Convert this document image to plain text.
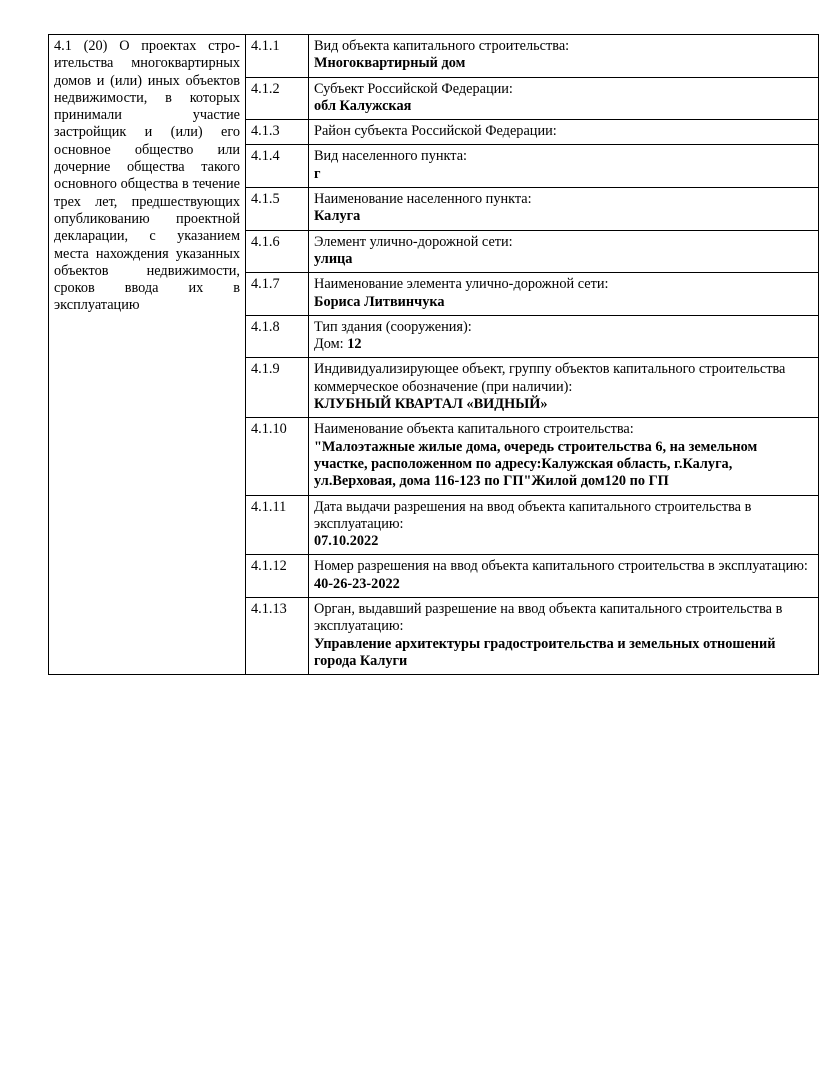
4.1 (20) О проектах строительства многоквартирных домов и (или) иных объектов недвижимости, в которых принимали участие застройщик и (или) его основное общество или дочерние общества такого основного общества в течение трех лет, предшествующих опубликованию проектной декларации, с указанием места нахождения указанных объектов недвижимости, сроков ввода их в эксплуатацию	4.1.1	Вид объекта капитального строительства:
Многоквартирный дом

	4.1.2	Субъект Российской Федерации:
обл Калужская

	4.1.3	Район субъекта Российской Федерации:

	4.1.4	Вид населенного пункта:
г

	4.1.5	Наименование населенного пункта:
Калуга

	4.1.6	Элемент улично-дорожной сети:
улица

	4.1.7	Наименование элемента улично-дорожной сети:
Бориса Литвинчука

	4.1.8	Тип здания (сооружения):
Дом: 12

	4.1.9	Индивидуализирующее объект, группу объектов капитального строительства коммерческое обозначение (при наличии):
КЛУБНЫЙ КВАРТАЛ «ВИДНЫЙ»

	4.1.10	Наименование объекта капитального строительства:
"Малоэтажные жилые дома, очередь строительства 6, на земельном участке, расположенном по адресу:Калужская область, г.Калуга, ул.Верховая, дома 116-123 по ГП"Жилой дом120 по ГП

	4.1.11	Дата выдачи разрешения на ввод объекта капитального строительства в эксплуатацию:
07.10.2022

	4.1.12	Номер разрешения на ввод объекта капитального строительства в эксплуатацию:
40-26-23-2022

	4.1.13	Орган, выдавший разрешение на ввод объекта капитального строительства в эксплуатацию:
Управление архитектуры градостроительства и земельных отношений города Калуги
